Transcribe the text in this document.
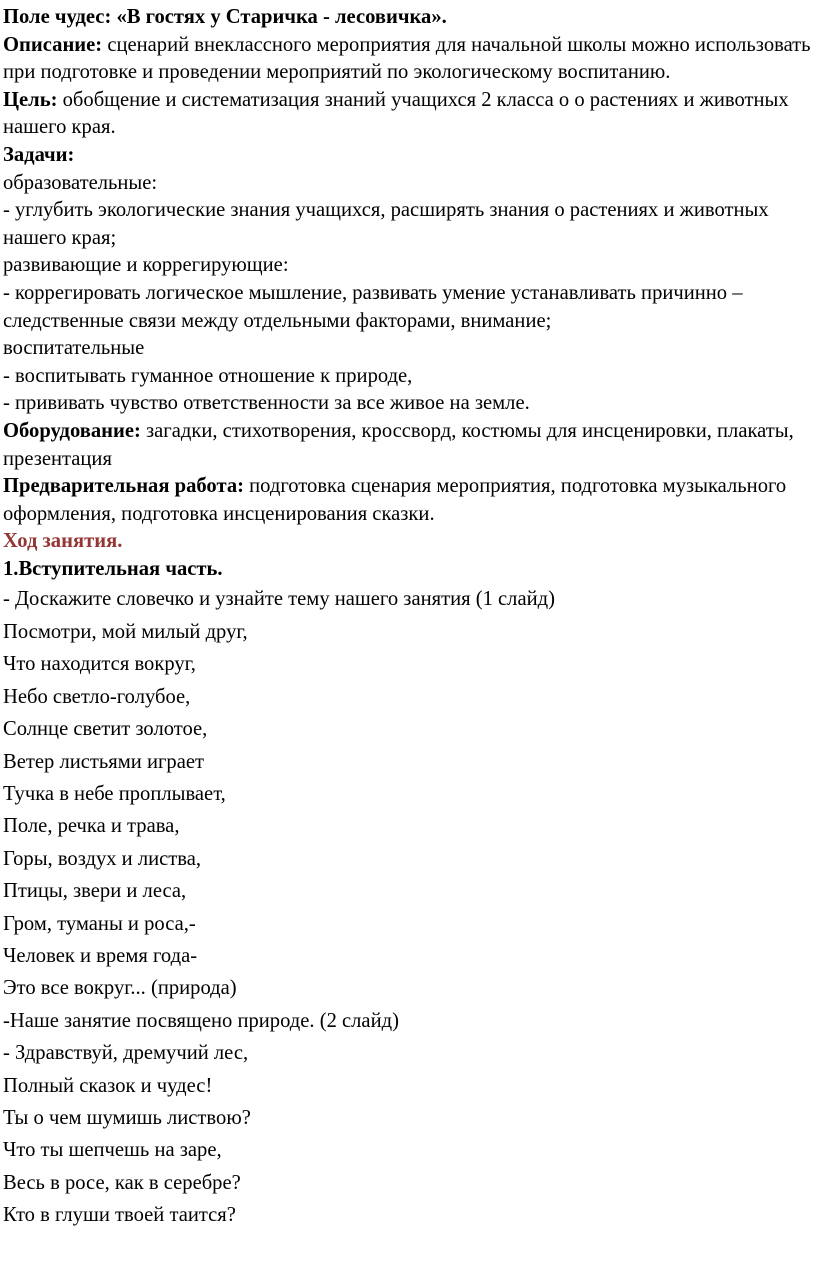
Поле чудес: «В гостях у Старичка - лесовичка».

Описание: сценарий внеклассного мероприятия для начальной школы можно использовать при подготовке и проведении мероприятий по экологическому воспитанию.

Цель: обобщение и систематизация знаний учащихся 2 класса о о растениях и животных нашего края.

Задачи:

образовательные:

- углубить экологические знания учащихся, расширять знания о растениях и животных нашего края;

развивающие и коррегирующие:

- коррегировать логическое мышление, развивать умение устанавливать причинно – следственные связи между отдельными факторами, внимание;

воспитательные

- воспитывать гуманное отношение к природе,

- прививать чувство ответственности за все живое на земле.

Оборудование: загадки, стихотворения, кроссворд, костюмы для инсценировки, плакаты, презентация

Предварительная работа: подготовка сценария мероприятия, подготовка музыкального оформления, подготовка инсценирования сказки.

Ход занятия.

1.Вступительная часть.

- Доскажите словечко и узнайте тему нашего занятия (1 слайд)

Посмотри, мой милый друг,

Что находится вокруг,

Небо светло-голубое,

Солнце светит золотое,

Ветер листьями играет

Тучка в небе проплывает,

Поле, речка и трава,

Горы, воздух и листва,

Птицы, звери и леса,

Гром, туманы и роса,-

Человек и время года-

Это все вокруг... (природа)

-Наше занятие посвящено природе. (2 слайд)

- Здравствуй, дремучий лес,

Полный сказок и чудес!

Ты о чем шумишь листвою?

Что ты шепчешь на заре,

Весь в росе, как в серебре?

Кто в глуши твоей таится?
